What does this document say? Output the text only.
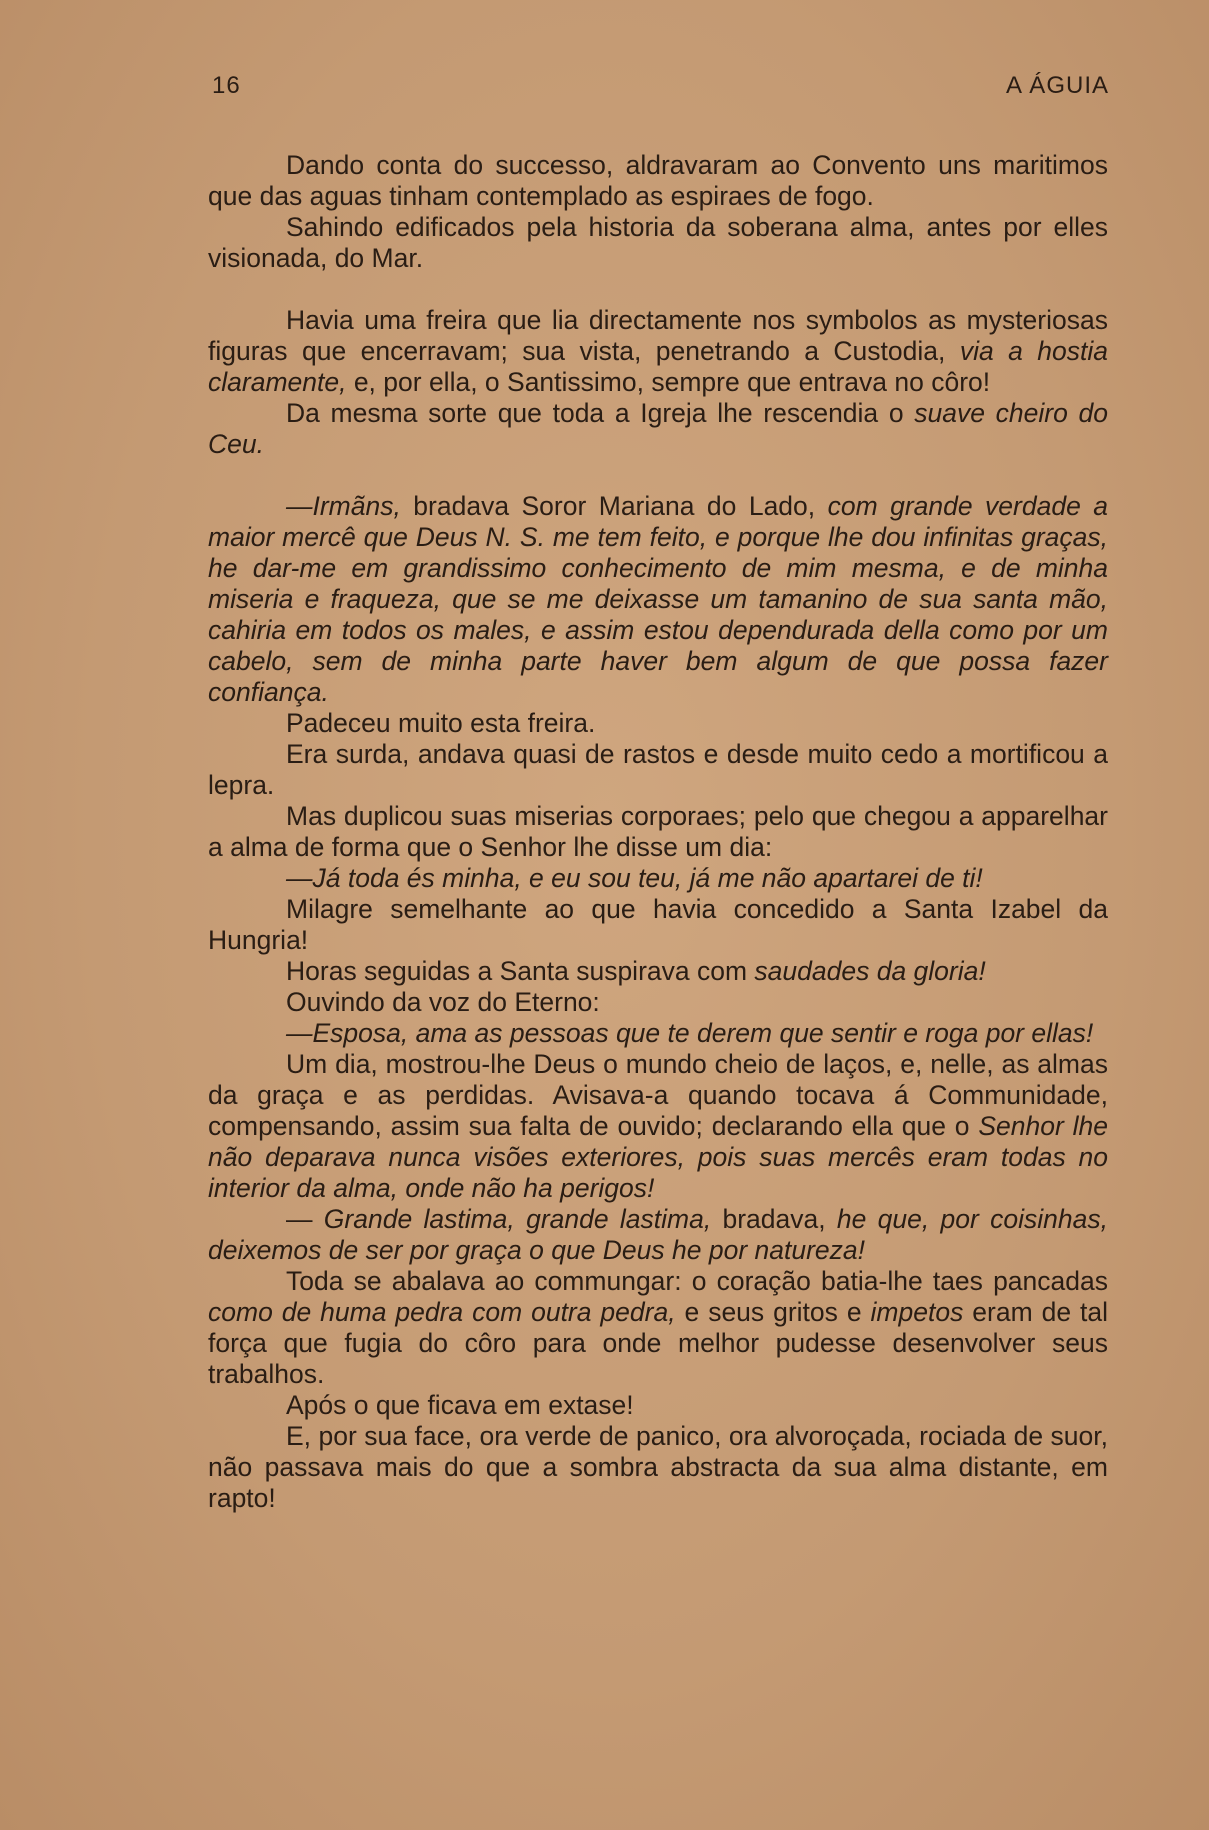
16	A ÁGUIA

Dando conta do successo, aldravaram ao Convento uns maritimos que das aguas tinham contemplado as espiraes de fogo.

Sahindo edificados pela historia da soberana alma, antes por elles visionada, do Mar.

Havia uma freira que lia directamente nos symbolos as mysteriosas figuras que encerravam; sua vista, penetrando a Custodia, via a hostia claramente, e, por ella, o Santissimo, sempre que entrava no côro!

Da mesma sorte que toda a Igreja lhe rescendia o suave cheiro do Ceu.

—Irmãns, bradava Soror Mariana do Lado, com grande verdade a maior mercê que Deus N. S. me tem feito, e porque lhe dou infinitas graças, he dar-me em grandissimo conhecimento de mim mesma, e de minha miseria e fraqueza, que se me deixasse um tamanino de sua santa mão, cahiria em todos os males, e assim estou dependurada della como por um cabelo, sem de minha parte haver bem algum de que possa fazer confiança.

Padeceu muito esta freira.

Era surda, andava quasi de rastos e desde muito cedo a mortificou a lepra.

Mas duplicou suas miserias corporaes; pelo que chegou a apparelhar a alma de forma que o Senhor lhe disse um dia:

—Já toda és minha, e eu sou teu, já me não apartarei de ti!

Milagre semelhante ao que havia concedido a Santa Izabel da Hungria!

Horas seguidas a Santa suspirava com saudades da gloria!

Ouvindo da voz do Eterno:

—Esposa, ama as pessoas que te derem que sentir e roga por ellas!

Um dia, mostrou-lhe Deus o mundo cheio de laços, e, nelle, as almas da graça e as perdidas. Avisava-a quando tocava á Communidade, compensando, assim sua falta de ouvido; declarando ella que o Senhor lhe não deparava nunca visões exteriores, pois suas mercês eram todas no interior da alma, onde não ha perigos!

— Grande lastima, grande lastima, bradava, he que, por coisinhas, deixemos de ser por graça o que Deus he por natureza!

Toda se abalava ao commungar: o coração batia-lhe taes pancadas como de huma pedra com outra pedra, e seus gritos e impetos eram de tal força que fugia do côro para onde melhor pudesse desenvolver seus trabalhos.

Após o que ficava em extase!

E, por sua face, ora verde de panico, ora alvoroçada, rociada de suor, não passava mais do que a sombra abstracta da sua alma distante, em rapto!
